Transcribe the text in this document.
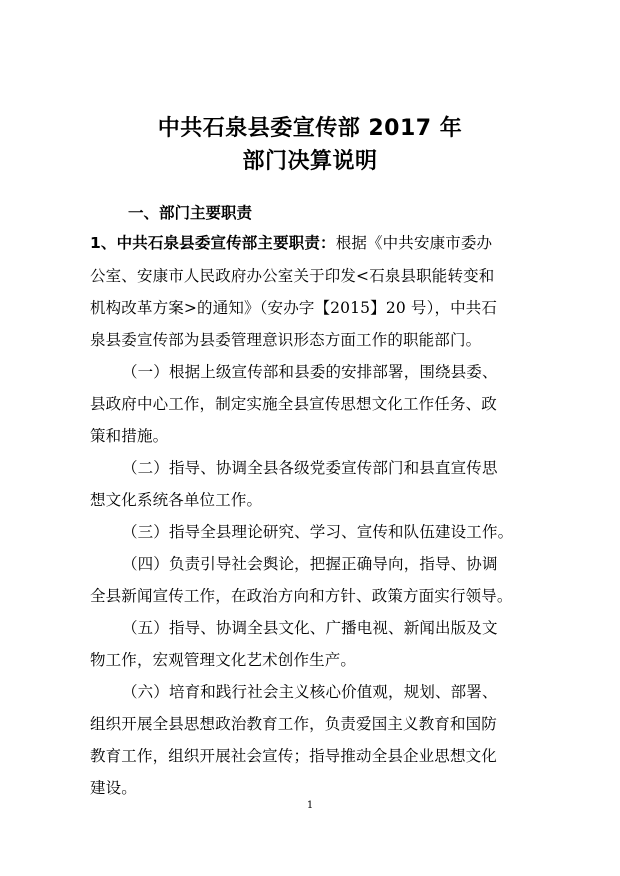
中共石泉县委宣传部 2017 年
部门决算说明
一、部门主要职责
1、中共石泉县委宣传部主要职责：根据《中共安康市委办
公室、安康市人民政府办公室关于印发<石泉县职能转变和
机构改革方案>的通知》（安办字【2015】20 号），中共石
泉县委宣传部为县委管理意识形态方面工作的职能部门。
（一）根据上级宣传部和县委的安排部署，围绕县委、
县政府中心工作，制定实施全县宣传思想文化工作任务、政
策和措施。
（二）指导、协调全县各级党委宣传部门和县直宣传思
想文化系统各单位工作。
（三）指导全县理论研究、学习、宣传和队伍建设工作。
（四）负责引导社会舆论，把握正确导向，指导、协调
全县新闻宣传工作，在政治方向和方针、政策方面实行领导。
（五）指导、协调全县文化、广播电视、新闻出版及文
物工作，宏观管理文化艺术创作生产。
（六）培育和践行社会主义核心价值观，规划、部署、
组织开展全县思想政治教育工作，负责爱国主义教育和国防
教育工作，组织开展社会宣传；指导推动全县企业思想文化
建设。
1
